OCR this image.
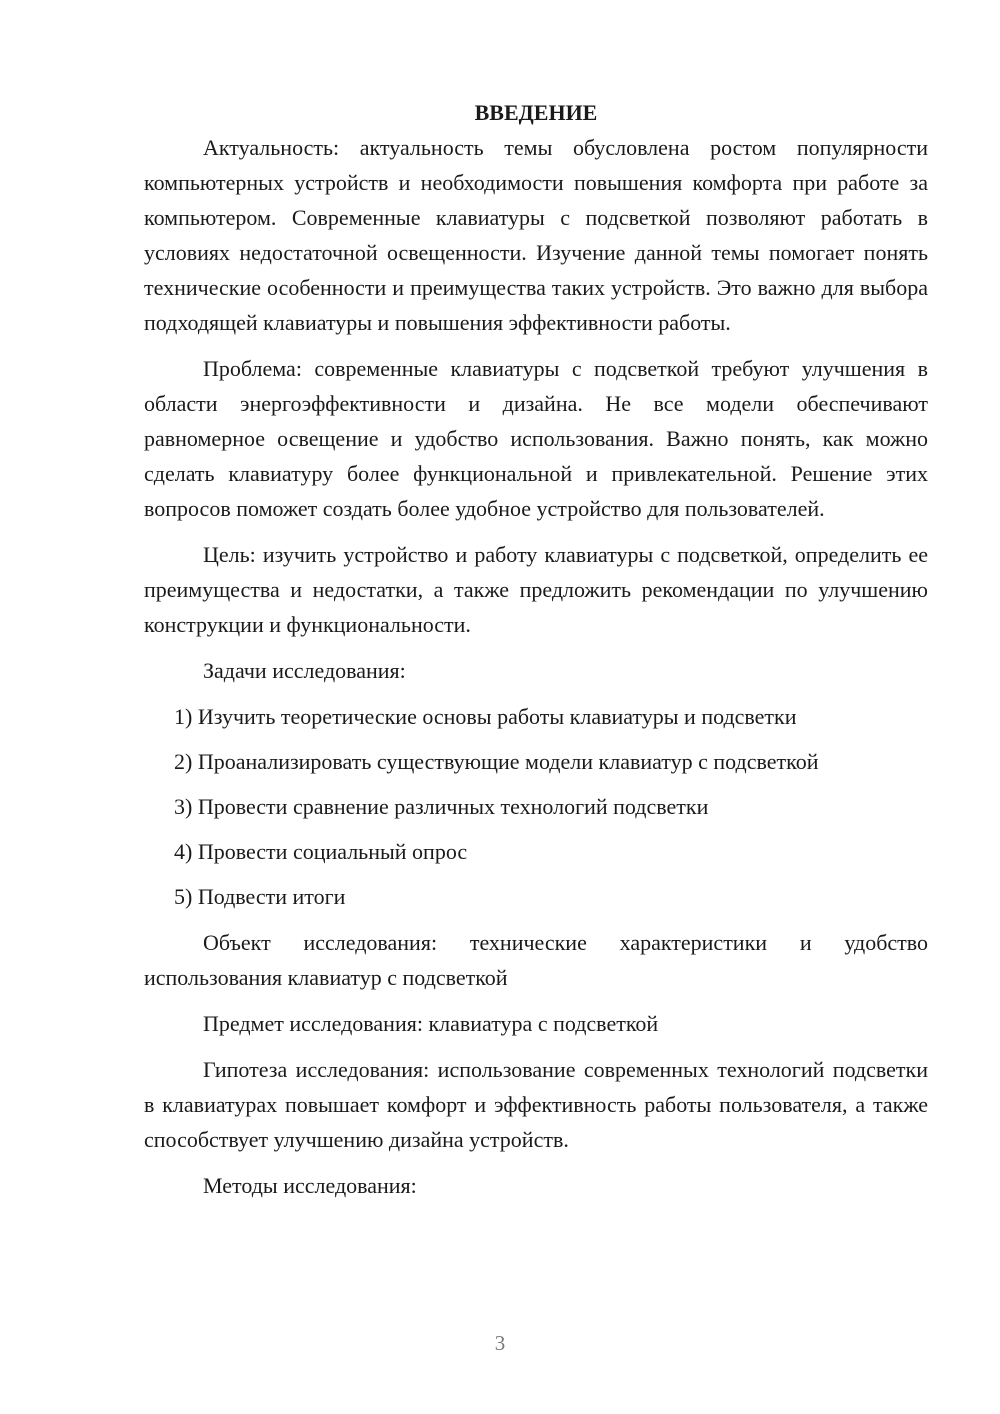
ВВЕДЕНИЕ

Актуальность: актуальность темы обусловлена ростом популярности компьютерных устройств и необходимости повышения комфорта при работе за компьютером. Современные клавиатуры с подсветкой позволяют работать в условиях недостаточной освещенности. Изучение данной темы помогает понять технические особенности и преимущества таких устройств. Это важно для выбора подходящей клавиатуры и повышения эффективности работы.

Проблема: современные клавиатуры с подсветкой требуют улучшения в области энергоэффективности и дизайна. Не все модели обеспечивают равномерное освещение и удобство использования. Важно понять, как можно сделать клавиатуру более функциональной и привлекательной. Решение этих вопросов поможет создать более удобное устройство для пользователей.

Цель: изучить устройство и работу клавиатуры с подсветкой, определить ее преимущества и недостатки, а также предложить рекомендации по улучшению конструкции и функциональности.

Задачи исследования:

1) Изучить теоретические основы работы клавиатуры и подсветки
2) Проанализировать существующие модели клавиатур с подсветкой
3) Провести сравнение различных технологий подсветки
4) Провести социальный опрос
5) Подвести итоги

Объект исследования: технические характеристики и удобство использования клавиатур с подсветкой

Предмет исследования: клавиатура с подсветкой

Гипотеза исследования: использование современных технологий подсветки в клавиатурах повышает комфорт и эффективность работы пользователя, а также способствует улучшению дизайна устройств.

Методы исследования:

3
